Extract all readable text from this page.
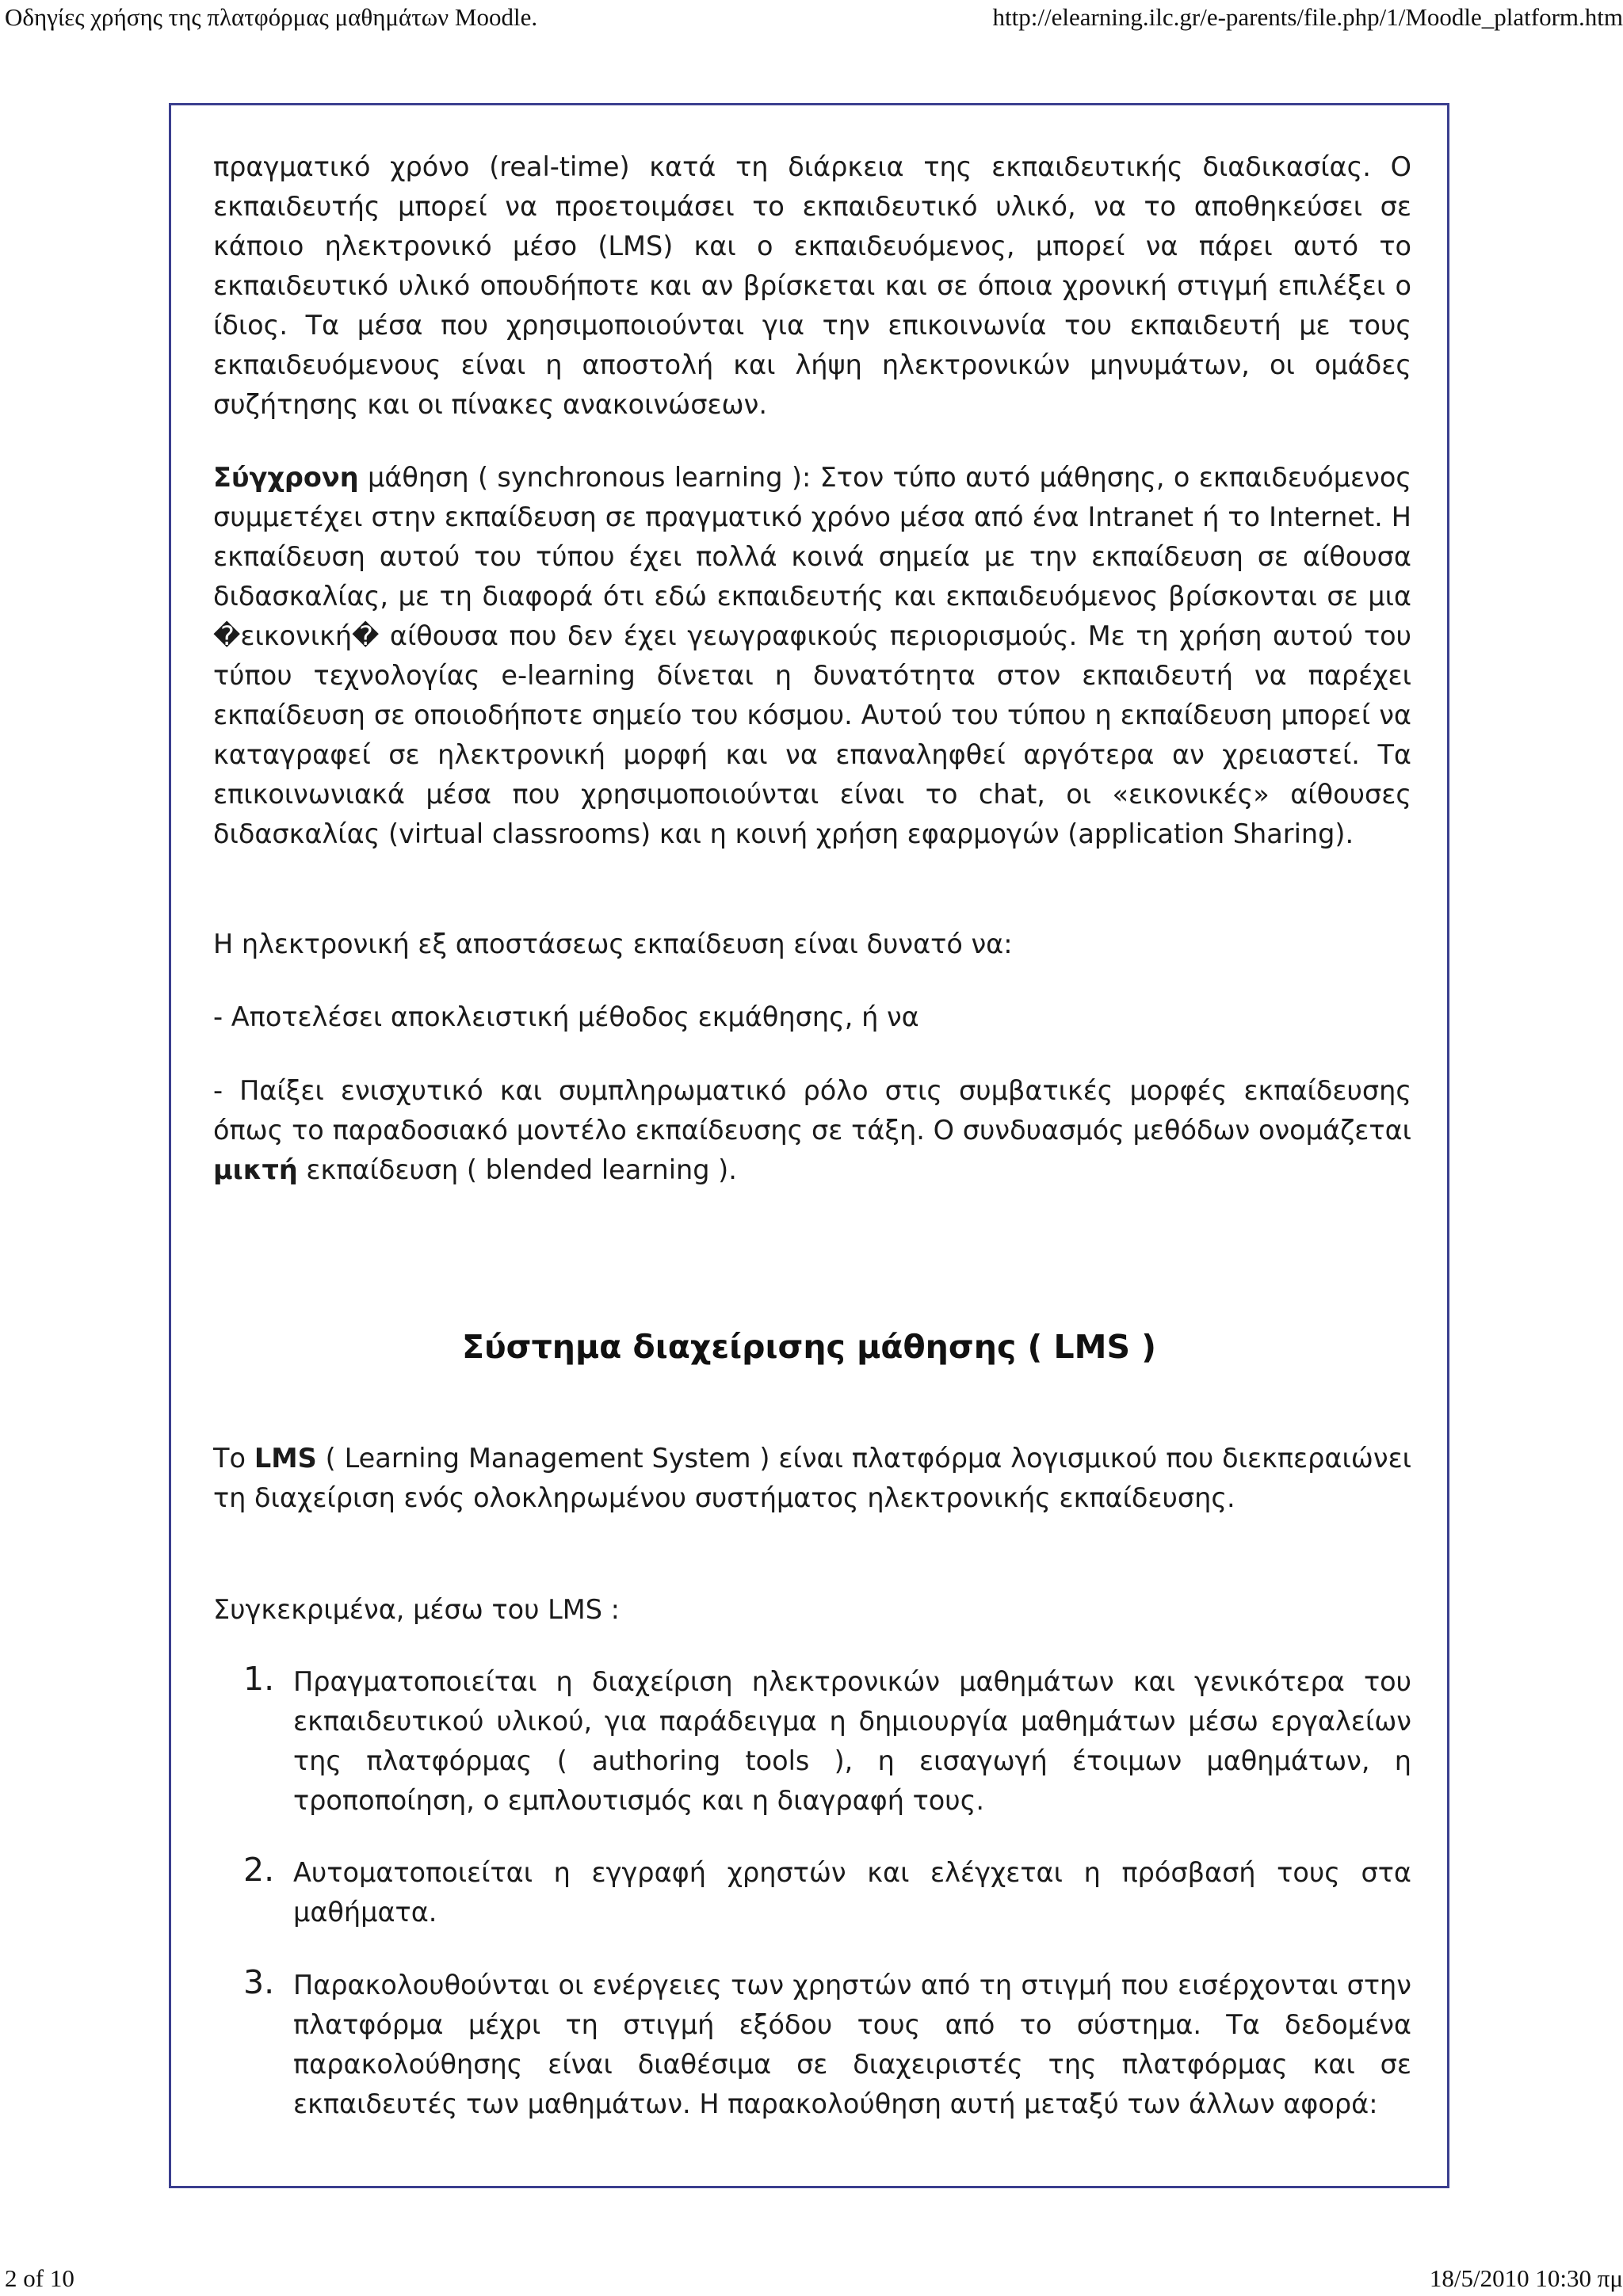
Οδηγίες χρήσης της πλατφόρμας μαθημάτων Moodle.	http://elearning.ilc.gr/e-parents/file.php/1/Moodle_platform.htm

πραγματικό χρόνο (real-time) κατά τη διάρκεια της εκπαιδευτικής διαδικασίας. Ο εκπαιδευτής μπορεί να προετοιμάσει το εκπαιδευτικό υλικό, να το αποθηκεύσει σε κάποιο ηλεκτρονικό μέσο (LMS) και ο εκπαιδευόμενος, μπορεί να πάρει αυτό το εκπαιδευτικό υλικό οπουδήποτε και αν βρίσκεται και σε όποια χρονική στιγμή επιλέξει ο ίδιος. Τα μέσα που χρησιμοποιούνται για την επικοινωνία του εκπαιδευτή με τους εκπαιδευόμενους είναι η αποστολή και λήψη ηλεκτρονικών μηνυμάτων, οι ομάδες συζήτησης και οι πίνακες ανακοινώσεων.

Σύγχρονη μάθηση ( synchronous learning ): Στον τύπο αυτό μάθησης, ο εκπαιδευόμενος συμμετέχει στην εκπαίδευση σε πραγματικό χρόνο μέσα από ένα Intranet ή το Internet. Η εκπαίδευση αυτού του τύπου έχει πολλά κοινά σημεία με την εκπαίδευση σε αίθουσα διδασκαλίας, με τη διαφορά ότι εδώ εκπαιδευτής και εκπαιδευόμενος βρίσκονται σε μια �εικονική� αίθουσα που δεν έχει γεωγραφικούς περιορισμούς. Με τη χρήση αυτού του τύπου τεχνολογίας e-learning δίνεται η δυνατότητα στον εκπαιδευτή να παρέχει εκπαίδευση σε οποιοδήποτε σημείο του κόσμου. Αυτού του τύπου η εκπαίδευση μπορεί να καταγραφεί σε ηλεκτρονική μορφή και να επαναληφθεί αργότερα αν χρειαστεί. Τα επικοινωνιακά μέσα που χρησιμοποιούνται είναι το chat, οι «εικονικές» αίθουσες διδασκαλίας (virtual classrooms) και η κοινή χρήση εφαρμογών (application Sharing).

Η ηλεκτρονική εξ αποστάσεως εκπαίδευση είναι δυνατό να:

- Αποτελέσει αποκλειστική μέθοδος εκμάθησης, ή να

- Παίξει ενισχυτικό και συμπληρωματικό ρόλο στις συμβατικές μορφές εκπαίδευσης όπως το παραδοσιακό μοντέλο εκπαίδευσης σε τάξη. Ο συνδυασμός μεθόδων ονομάζεται μικτή εκπαίδευση ( blended learning ).

Σύστημα διαχείρισης μάθησης ( LMS )

Το LMS ( Learning Management System ) είναι πλατφόρμα λογισμικού που διεκπεραιώνει τη διαχείριση ενός ολοκληρωμένου συστήματος ηλεκτρονικής εκπαίδευσης.

Συγκεκριμένα, μέσω του LMS :

1. Πραγματοποιείται η διαχείριση ηλεκτρονικών μαθημάτων και γενικότερα του εκπαιδευτικού υλικού, για παράδειγμα η δημιουργία μαθημάτων μέσω εργαλείων της πλατφόρμας ( authoring tools ), η εισαγωγή έτοιμων μαθημάτων, η τροποποίηση, ο εμπλουτισμός και η διαγραφή τους.
2. Αυτοματοποιείται η εγγραφή χρηστών και ελέγχεται η πρόσβασή τους στα μαθήματα.
3. Παρακολουθούνται οι ενέργειες των χρηστών από τη στιγμή που εισέρχονται στην πλατφόρμα μέχρι τη στιγμή εξόδου τους από το σύστημα. Τα δεδομένα παρακολούθησης είναι διαθέσιμα σε διαχειριστές της πλατφόρμας και σε εκπαιδευτές των μαθημάτων. Η παρακολούθηση αυτή μεταξύ των άλλων αφορά:
2 of 10	18/5/2010 10:30 πμ
